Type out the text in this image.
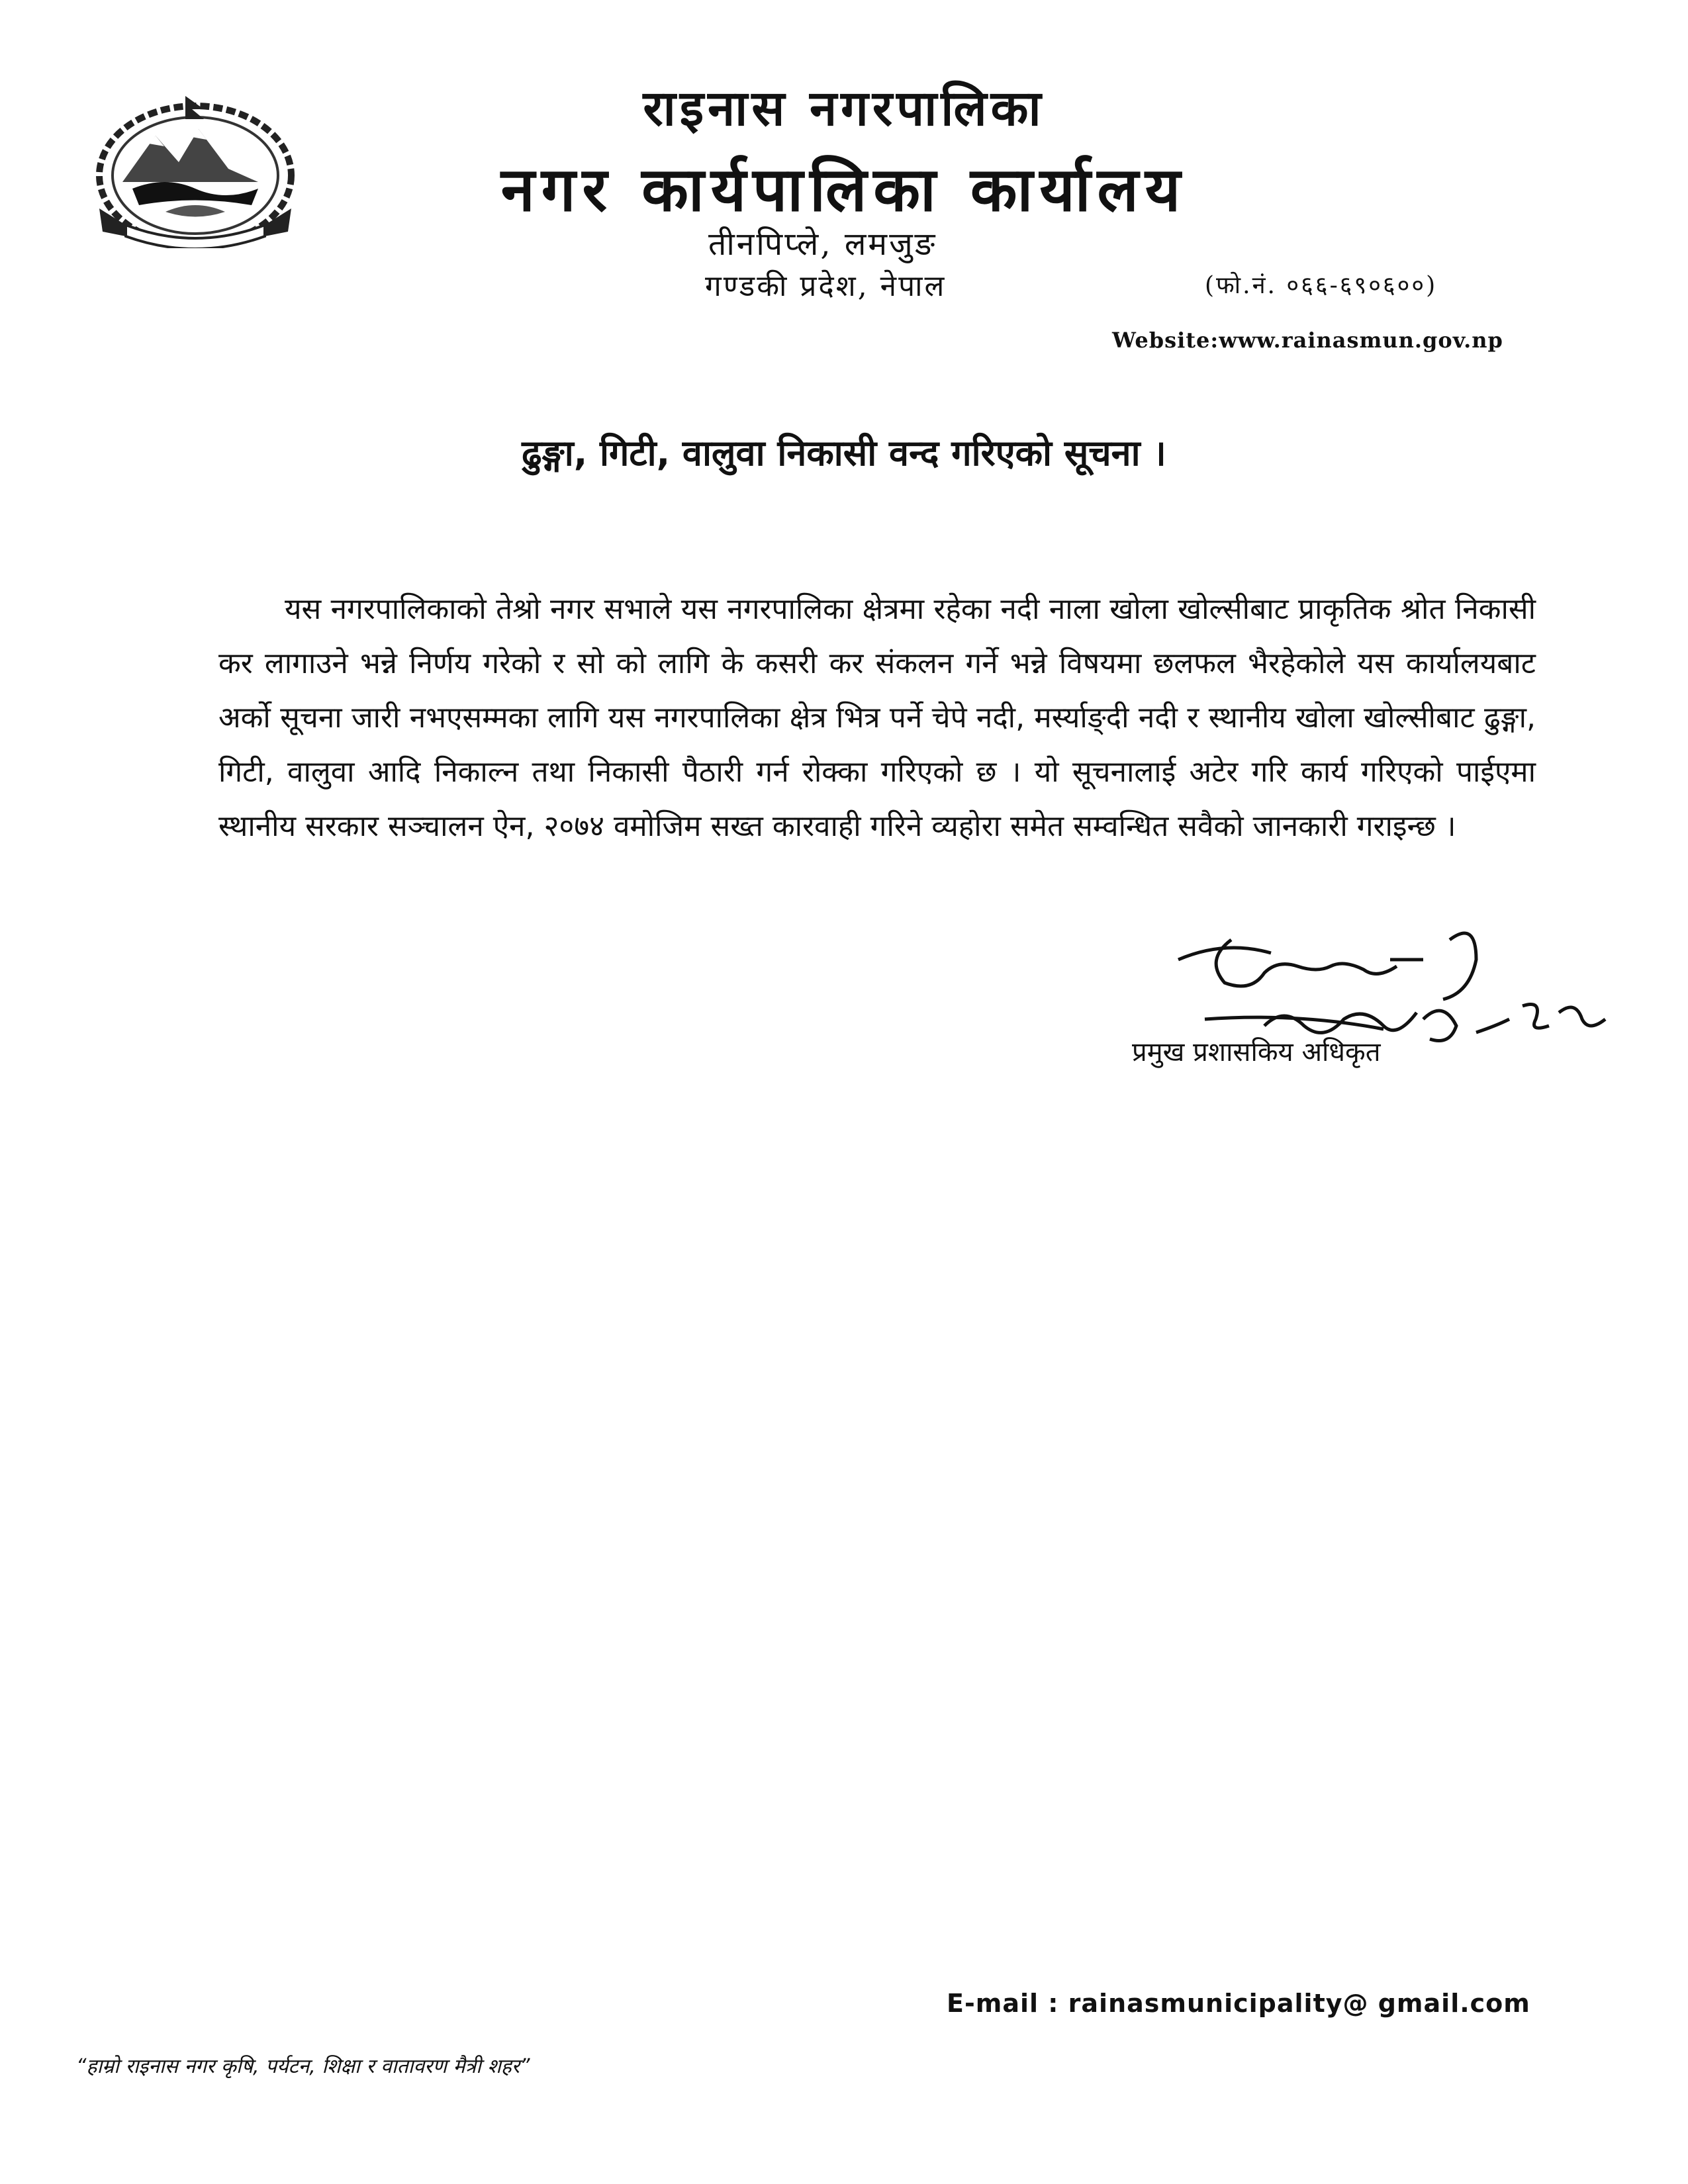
राइनास नगरपालिका
नगर कार्यपालिका कार्यालय
तीनपिप्ले, लमजुङ
गण्डकी प्रदेश, नेपाल	(फो.नं. ०६६-६९०६००)
Website:www.rainasmun.gov.np
ढुङ्गा, गिटी, वालुवा निकासी वन्द गरिएको सूचना ।
यस नगरपालिकाको तेश्रो नगर सभाले यस नगरपालिका क्षेत्रमा रहेका नदी नाला खोला खोल्सीबाट प्राकृतिक श्रोत निकासी कर लागाउने भन्ने निर्णय गरेको र सो को लागि के कसरी कर संकलन गर्ने भन्ने विषयमा छलफल भैरहेकोले यस कार्यालयबाट अर्को सूचना जारी नभएसम्मका लागि यस नगरपालिका क्षेत्र भित्र पर्ने चेपे नदी, मर्स्याङ्दी नदी र स्थानीय खोला खोल्सीबाट ढुङ्गा, गिटी, वालुवा आदि निकाल्न तथा निकासी पैठारी गर्न रोक्का गरिएको छ । यो सूचनालाई अटेर गरि कार्य गरिएको पाईएमा स्थानीय सरकार सञ्चालन ऐन, २०७४ वमोजिम सख्त कारवाही गरिने व्यहोरा समेत सम्वन्धित सवैको जानकारी गराइन्छ ।
प्रमुख प्रशासकिय अधिकृत
E-mail : rainasmunicipality@ gmail.com
“हाम्रो राइनास नगर कृषि, पर्यटन, शिक्षा र वातावरण मैत्री शहर”
